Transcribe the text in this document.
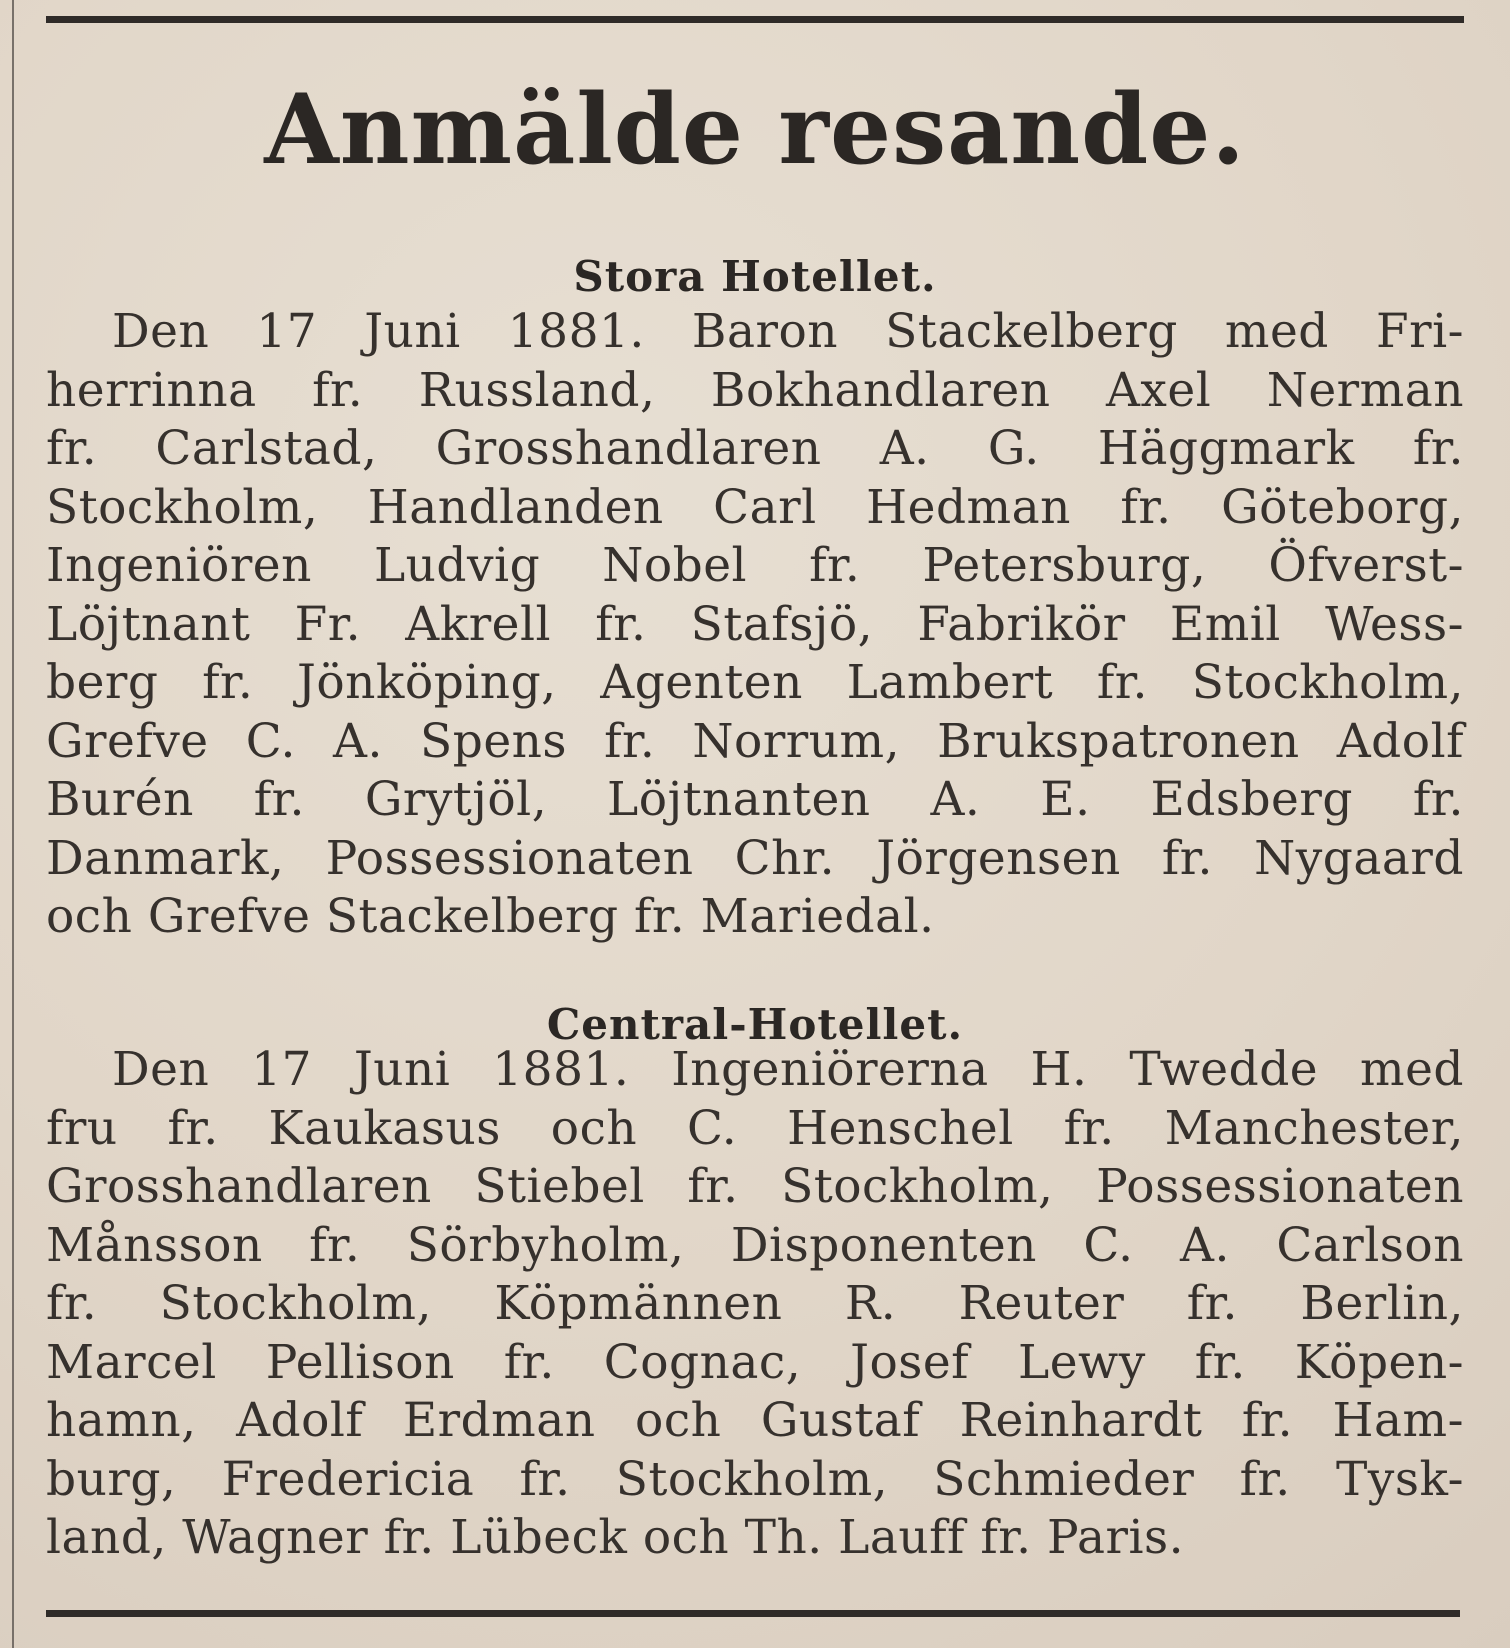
Anmälde resande.
Stora Hotellet.
Den 17 Juni 1881. Baron Stackelberg med Fri-
herrinna fr. Russland, Bokhandlaren Axel Nerman
fr. Carlstad, Grosshandlaren A. G. Häggmark fr.
Stockholm, Handlanden Carl Hedman fr. Göteborg,
Ingeniören Ludvig Nobel fr. Petersburg, Öfverst-
Löjtnant Fr. Akrell fr. Stafsjö, Fabrikör Emil Wess-
berg fr. Jönköping, Agenten Lambert fr. Stockholm,
Grefve C. A. Spens fr. Norrum, Brukspatronen Adolf
Burén fr. Grytjöl, Löjtnanten A. E. Edsberg fr.
Danmark, Possessionaten Chr. Jörgensen fr. Nygaard
och Grefve Stackelberg fr. Mariedal.
Central-Hotellet.
Den 17 Juni 1881. Ingeniörerna H. Twedde med
fru fr. Kaukasus och C. Henschel fr. Manchester,
Grosshandlaren Stiebel fr. Stockholm, Possessionaten
Månsson fr. Sörbyholm, Disponenten C. A. Carlson
fr. Stockholm, Köpmännen R. Reuter fr. Berlin,
Marcel Pellison fr. Cognac, Josef Lewy fr. Köpen-
hamn, Adolf Erdman och Gustaf Reinhardt fr. Ham-
burg, Fredericia fr. Stockholm, Schmieder fr. Tysk-
land, Wagner fr. Lübeck och Th. Lauff fr. Paris.
